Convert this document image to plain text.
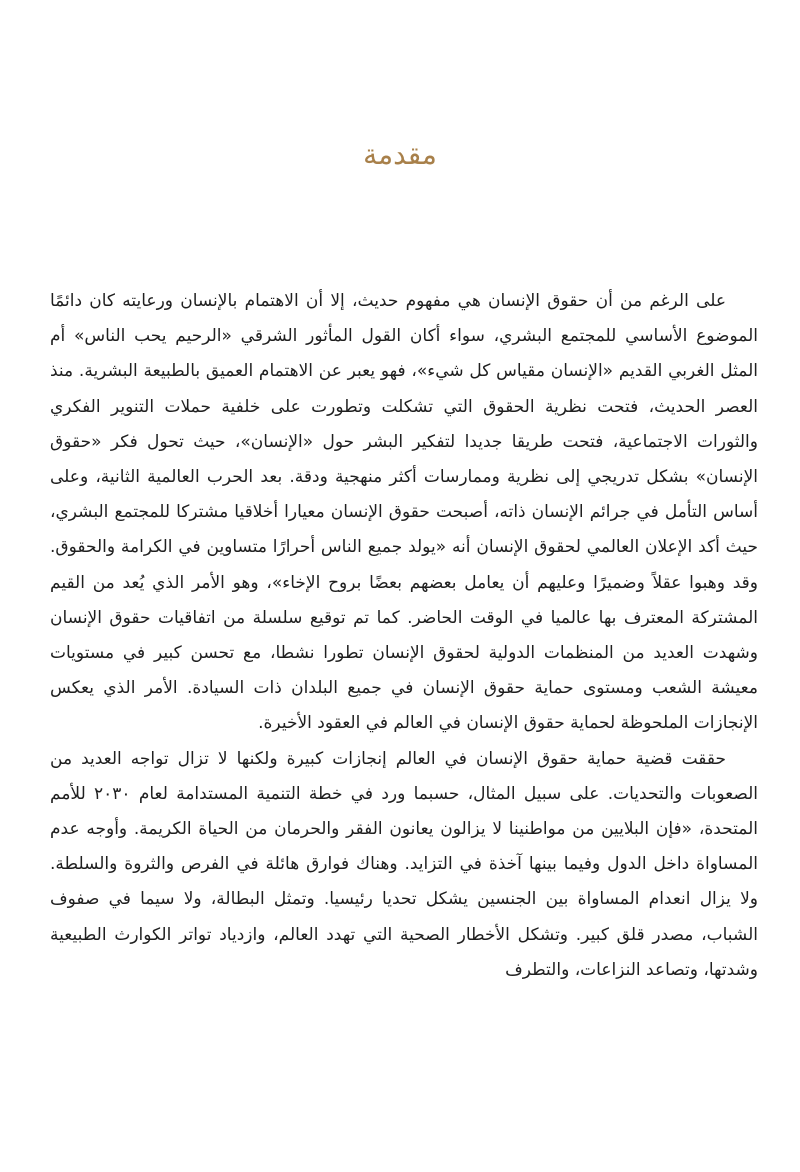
مقدمة

على الرغم من أن حقوق الإنسان هي مفهوم حديث، إلا أن الاهتمام بالإنسان ورعايته كان دائمًا الموضوع الأساسي للمجتمع البشري، سواء أكان القول المأثور الشرقي «الرحيم يحب الناس» أم المثل الغربي القديم «الإنسان مقياس كل شيء»، فهو يعبر عن الاهتمام العميق بالطبيعة البشرية. منذ العصر الحديث، فتحت نظرية الحقوق التي تشكلت وتطورت على خلفية حملات التنوير الفكري والثورات الاجتماعية، فتحت طريقا جديدا لتفكير البشر حول «الإنسان»، حيث تحول فكر «حقوق الإنسان» بشكل تدريجي إلى نظرية وممارسات أكثر منهجية ودقة. بعد الحرب العالمية الثانية، وعلى أساس التأمل في جرائم الإنسان ذاته، أصبحت حقوق الإنسان معيارا أخلاقيا مشتركا للمجتمع البشري، حيث أكد الإعلان العالمي لحقوق الإنسان أنه «يولد جميع الناس أحرارًا متساوين في الكرامة والحقوق. وقد وهبوا عقلاً وضميرًا وعليهم أن يعامل بعضهم بعضًا بروح الإخاء»، وهو الأمر الذي يُعد من القيم المشتركة المعترف بها عالميا في الوقت الحاضر. كما تم توقيع سلسلة من اتفاقيات حقوق الإنسان وشهدت العديد من المنظمات الدولية لحقوق الإنسان تطورا نشطا، مع تحسن كبير في مستويات معيشة الشعب ومستوى حماية حقوق الإنسان في جميع البلدان ذات السيادة. الأمر الذي يعكس الإنجازات الملحوظة لحماية حقوق الإنسان في العالم في العقود الأخيرة.

حققت قضية حماية حقوق الإنسان في العالم إنجازات كبيرة ولكنها لا تزال تواجه العديد من الصعوبات والتحديات. على سبيل المثال، حسبما ورد في خطة التنمية المستدامة لعام ٢٠٣٠ للأمم المتحدة، «فإن البلايين من مواطنينا لا يزالون يعانون الفقر والحرمان من الحياة الكريمة. وأوجه عدم المساواة داخل الدول وفيما بينها آخذة في التزايد. وهناك فوارق هائلة في الفرص والثروة والسلطة. ولا يزال انعدام المساواة بين الجنسين يشكل تحديا رئيسيا. وتمثل البطالة، ولا سيما في صفوف الشباب، مصدر قلق كبير. وتشكل الأخطار الصحية التي تهدد العالم، وازدياد تواتر الكوارث الطبيعية وشدتها، وتصاعد النزاعات، والتطرف
